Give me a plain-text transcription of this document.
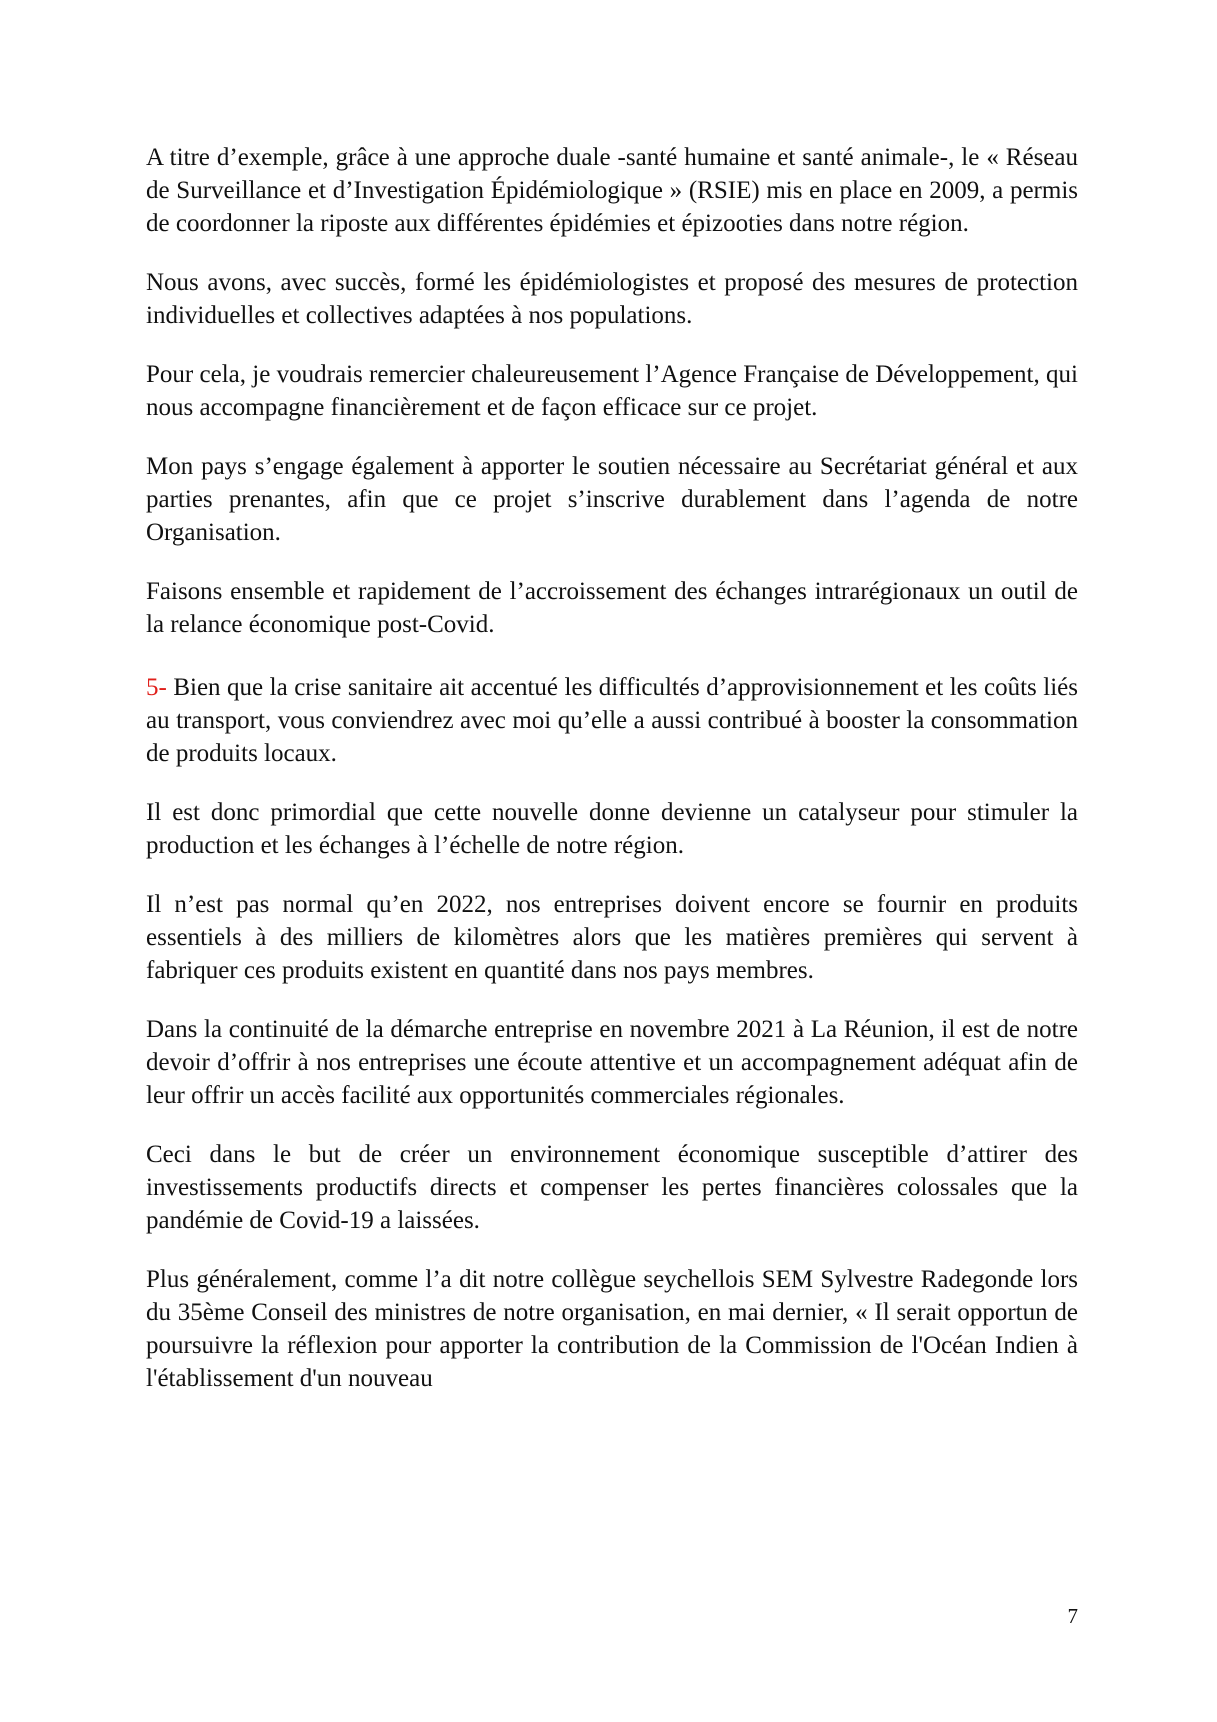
A titre d’exemple, grâce à une approche duale -santé humaine et santé animale-, le « Réseau de Surveillance et d’Investigation Épidémiologique » (RSIE) mis en place en 2009, a permis de coordonner la riposte aux différentes épidémies et épizooties dans notre région.

Nous avons, avec succès, formé les épidémiologistes et proposé des mesures de protection individuelles et collectives adaptées à nos populations.

Pour cela, je voudrais remercier chaleureusement l’Agence Française de Développement, qui nous accompagne financièrement et de façon efficace sur ce projet.

Mon pays s’engage également à apporter le soutien nécessaire au Secrétariat général et aux parties prenantes, afin que ce projet s’inscrive durablement dans l’agenda de notre Organisation.

Faisons ensemble et rapidement de l’accroissement des échanges intrarégionaux un outil de la relance économique post-Covid.

5- Bien que la crise sanitaire ait accentué les difficultés d’approvisionnement et les coûts liés au transport, vous conviendrez avec moi qu’elle a aussi contribué à booster la consommation de produits locaux.

Il est donc primordial que cette nouvelle donne devienne un catalyseur pour stimuler la production et les échanges à l’échelle de notre région.

Il n’est pas normal qu’en 2022, nos entreprises doivent encore se fournir en produits essentiels à des milliers de kilomètres alors que les matières premières qui servent à fabriquer ces produits existent en quantité dans nos pays membres.

Dans la continuité de la démarche entreprise en novembre 2021 à La Réunion, il est de notre devoir d’offrir à nos entreprises une écoute attentive et un accompagnement adéquat afin de leur offrir un accès facilité aux opportunités commerciales régionales.

Ceci dans le but de créer un environnement économique susceptible d’attirer des investissements productifs directs et compenser les pertes financières colossales que la pandémie de Covid-19 a laissées.

Plus généralement, comme l’a dit notre collègue seychellois SEM Sylvestre Radegonde lors du 35ème Conseil des ministres de notre organisation, en mai dernier, « Il serait opportun de poursuivre la réflexion pour apporter la contribution de la Commission de l'Océan Indien à l'établissement d'un nouveau

7
